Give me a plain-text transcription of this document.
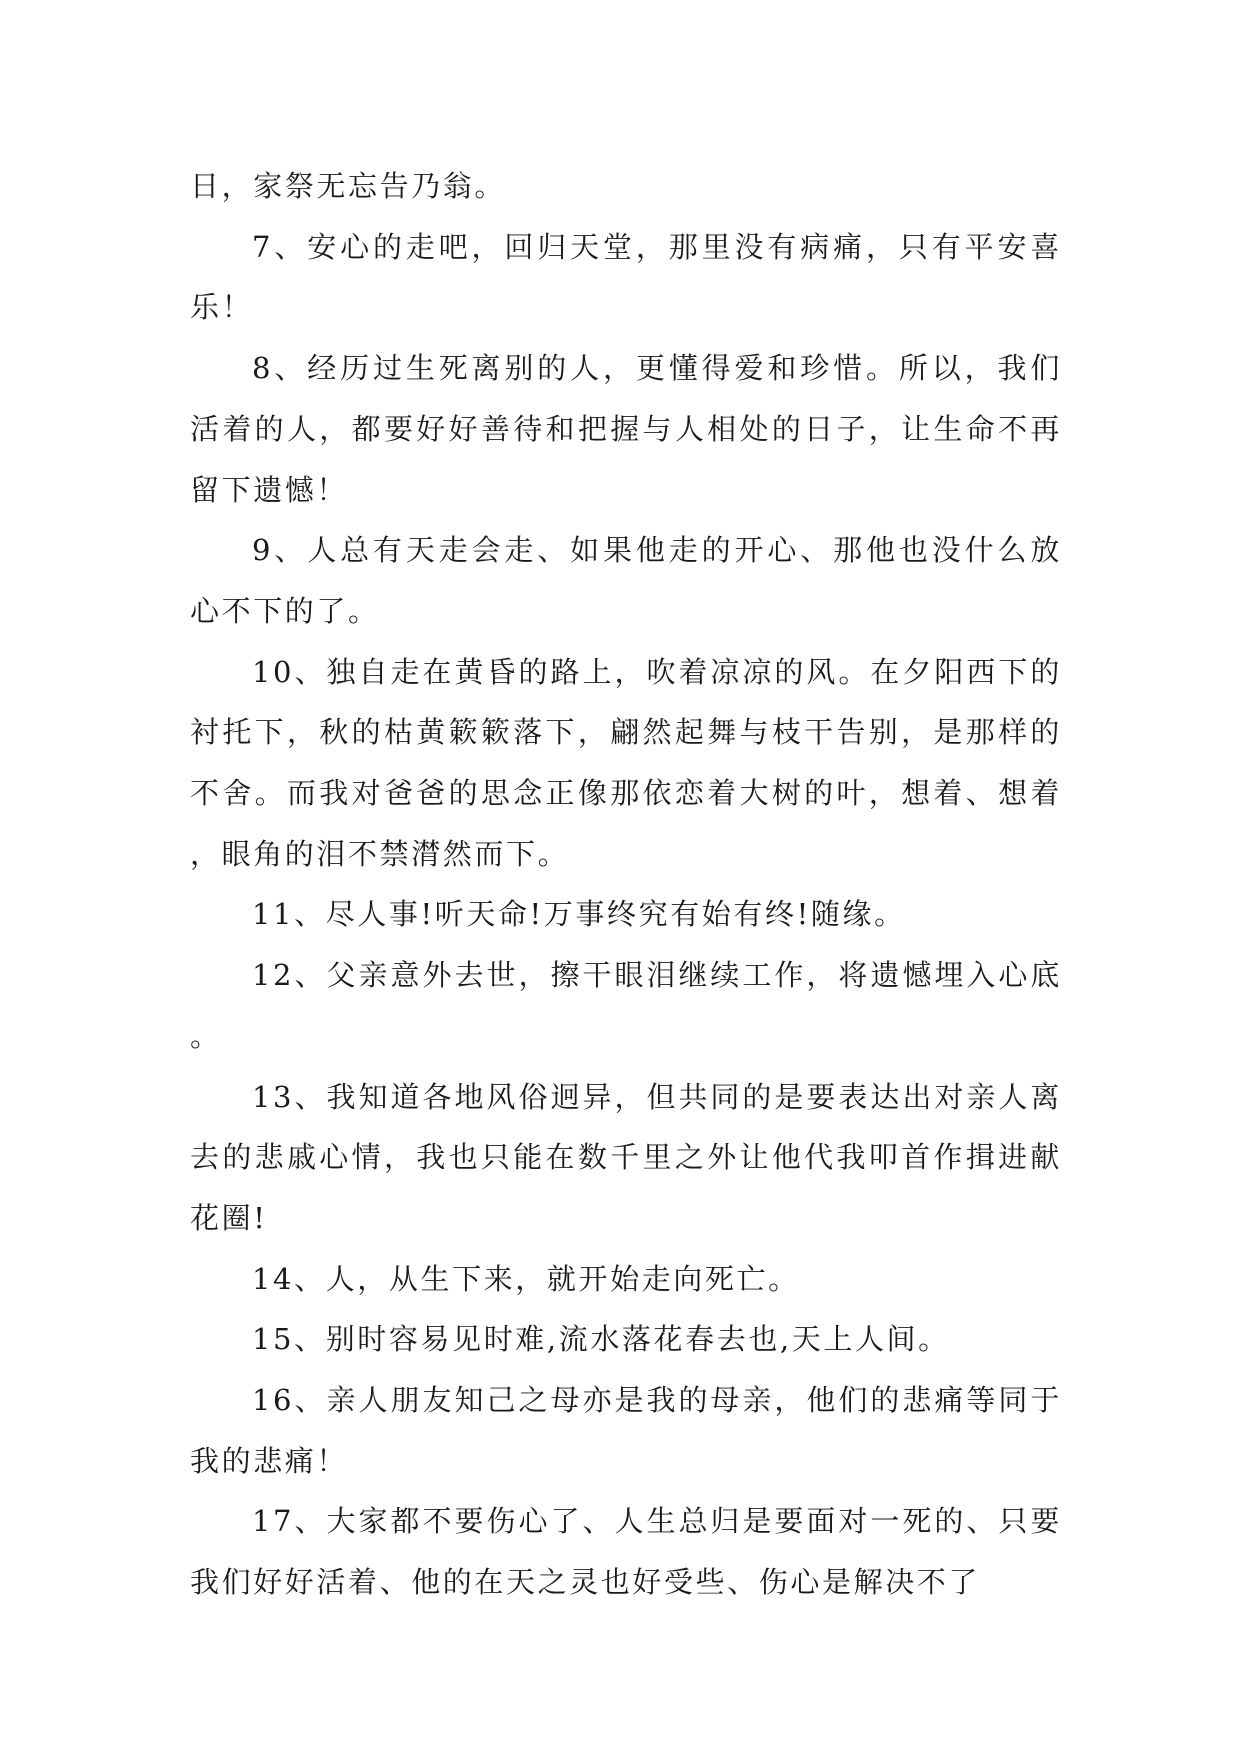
日，家祭无忘告乃翁。

7、安心的走吧，回归天堂，那里没有病痛，只有平安喜乐！

8、经历过生死离别的人，更懂得爱和珍惜。所以，我们活着的人，都要好好善待和把握与人相处的日子，让生命不再留下遗憾！

9、人总有天走会走、如果他走的开心、那他也没什么放心不下的了。

10、独自走在黄昏的路上，吹着凉凉的风。在夕阳西下的衬托下，秋的枯黄簌簌落下，翩然起舞与枝干告别，是那样的不舍。而我对爸爸的思念正像那依恋着大树的叶，想着、想着，眼角的泪不禁潸然而下。

11、尽人事!听天命!万事终究有始有终!随缘。

12、父亲意外去世，擦干眼泪继续工作，将遗憾埋入心底。

13、我知道各地风俗迥异，但共同的是要表达出对亲人离去的悲戚心情，我也只能在数千里之外让他代我叩首作揖进献花圈!

14、人，从生下来，就开始走向死亡。

15、别时容易见时难,流水落花春去也,天上人间。

16、亲人朋友知己之母亦是我的母亲，他们的悲痛等同于我的悲痛！

17、大家都不要伤心了、人生总归是要面对一死的、只要我们好好活着、他的在天之灵也好受些、伤心是解决不了
